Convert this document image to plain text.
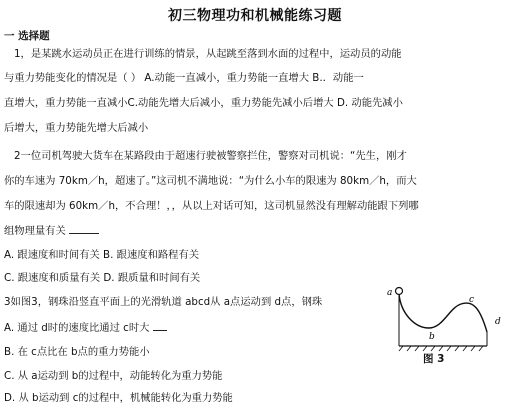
初三物理功和机械能练习题
一 选择题
1，是某跳水运动员正在进行训练的情景，从起跳至落到水面的过程中，运动员的动能
与重力势能变化的情况是（ ） A.动能一直减小，重力势能一直增大 B.．动能一
直增大，重力势能一直减小C.动能先增大后减小，重力势能先减小后增大 D. 动能先减小
后增大，重力势能先增大后减小
2一位司机驾驶大货车在某路段由于超速行驶被警察拦住，警察对司机说：“先生，刚才
你的车速为 70km／h，超速了。”这司机不满地说：“为什么小车的限速为 80km／h，而大
车的限速却为 60km／h，不合理！，，从以上对话可知，这司机显然没有理解动能跟下列哪
组物理量有关
A. 跟速度和时间有关 B. 跟速度和路程有关
C. 跟速度和质量有关 D. 跟质量和时间有关
3如图3，钢珠沿竖直平面上的光滑轨道 abcd从 a点运动到 d点，钢珠
A. 通过 d时的速度比通过 c时大
B. 在 c点比在 b点的重力势能小
C. 从 a运动到 b的过程中，动能转化为重力势能
D. 从 b运动到 c的过程中，机械能转化为重力势能
a
b
c
d
图 3
